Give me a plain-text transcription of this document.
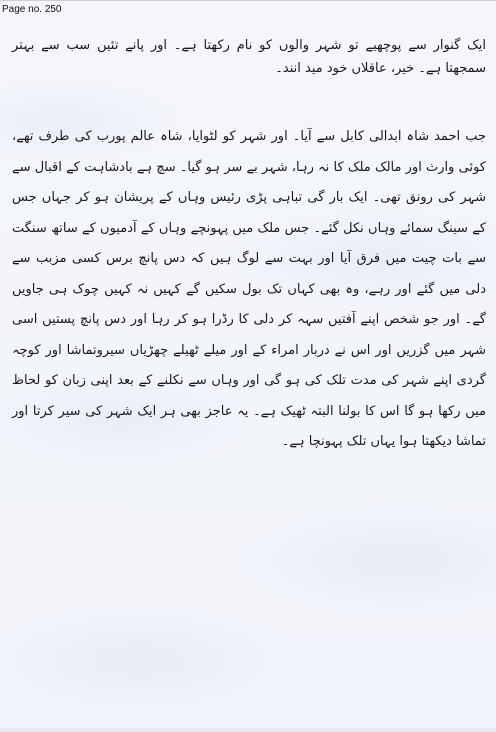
Page no. 250

ایک گنوار سے پوچھیے تو شہر والوں کو نام رکھتا ہے۔ اور پانے تئیں سب سے بہتر سمجھتا ہے۔ خیر، عاقلاں خود مید انند۔

جب احمد شاہ ابدالی کابل سے آیا۔ اور شہر کو لٹوایا، شاہ عالم پورب کی طرف تھے، کوئی وارث اور مالک ملک کا نہ رہا، شہر بے سر ہو گیا۔ سچ ہے بادشاہت کے اقبال سے شہر کی رونق تھی۔ ایک بار گی تباہی پڑی رئیس وہاں کے پریشان ہو کر جہاں جس کے سینگ سمائے وہاں نکل گئے۔ جس ملک میں پہونچے وہاں کے آدمیوں کے ساتھ سنگت سے بات چیت میں فرق آیا اور بہت سے لوگ ہیں کہ دس پانچ برس کسی مزبب سے دلی میں گئے اور رہے، وہ بھی کہاں تک بول سکیں گے کہیں نہ کہیں چوک ہی جاویں گے۔ اور جو شخص اپنے آفتیں سہہ کر دلی کا رڈرا ہو کر رہا اور دس پانچ پستیں اسی شہر میں گزریں اور اس نے دربار امراء کے اور میلے ٹھیلے چھڑیاں سیروتماشا اور کوچہ گردی اپنے شہر کی مدت تلک کی ہو گی اور وہاں سے نکلنے کے بعد اپنی زبان کو لحاظ میں رکھا ہو گا اس کا بولنا البتہ ٹھیک ہے۔ یہ عاجز بھی ہر ایک شہر کی سیر کرتا اور تماشا دیکھتا ہوا یہاں تلک پہونچا ہے۔
